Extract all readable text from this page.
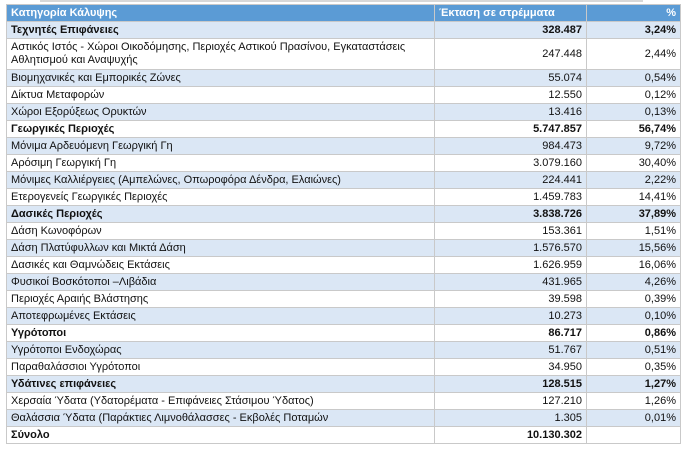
Κατηγορία Κάλυψης	Έκταση σε στρέμματα	%
Τεχνητές Επιφάνειες	328.487	3,24%
Αστικός Ιστός - Χώροι Οικοδόμησης, Περιοχές Αστικού Πρασίνου, Εγκαταστάσεις Αθλητισμού και Αναψυχής	247.448	2,44%
Βιομηχανικές και Εμπορικές Ζώνες	55.074	0,54%
Δίκτυα Μεταφορών	12.550	0,12%
Χώροι Εξορύξεως Ορυκτών	13.416	0,13%
Γεωργικές Περιοχές	5.747.857	56,74%
Μόνιμα Αρδευόμενη Γεωργική Γη	984.473	9,72%
Αρόσιμη Γεωργική Γη	3.079.160	30,40%
Μόνιμες Καλλιέργειες (Αμπελώνες, Οπωροφόρα Δένδρα, Ελαιώνες)	224.441	2,22%
Ετερογενείς Γεωργικές Περιοχές	1.459.783	14,41%
Δασικές Περιοχές	3.838.726	37,89%
Δάση Κωνοφόρων	153.361	1,51%
Δάση Πλατύφυλλων και Μικτά Δάση	1.576.570	15,56%
Δασικές και Θαμνώδεις Εκτάσεις	1.626.959	16,06%
Φυσικοί Βοσκότοποι –Λιβάδια	431.965	4,26%
Περιοχές Αραιής Βλάστησης	39.598	0,39%
Αποτεφρωμένες Εκτάσεις	10.273	0,10%
Υγρότοποι	86.717	0,86%
Υγρότοποι Ενδοχώρας	51.767	0,51%
Παραθαλάσσιοι Υγρότοποι	34.950	0,35%
Υδάτινες επιφάνειες	128.515	1,27%
Χερσαία Ύδατα (Υδατορέματα - Επιφάνειες Στάσιμου Ύδατος)	127.210	1,26%
Θαλάσσια Ύδατα (Παράκτιες Λιμνοθάλασσες - Εκβολές Ποταμών	1.305	0,01%
Σύνολο	10.130.302	
